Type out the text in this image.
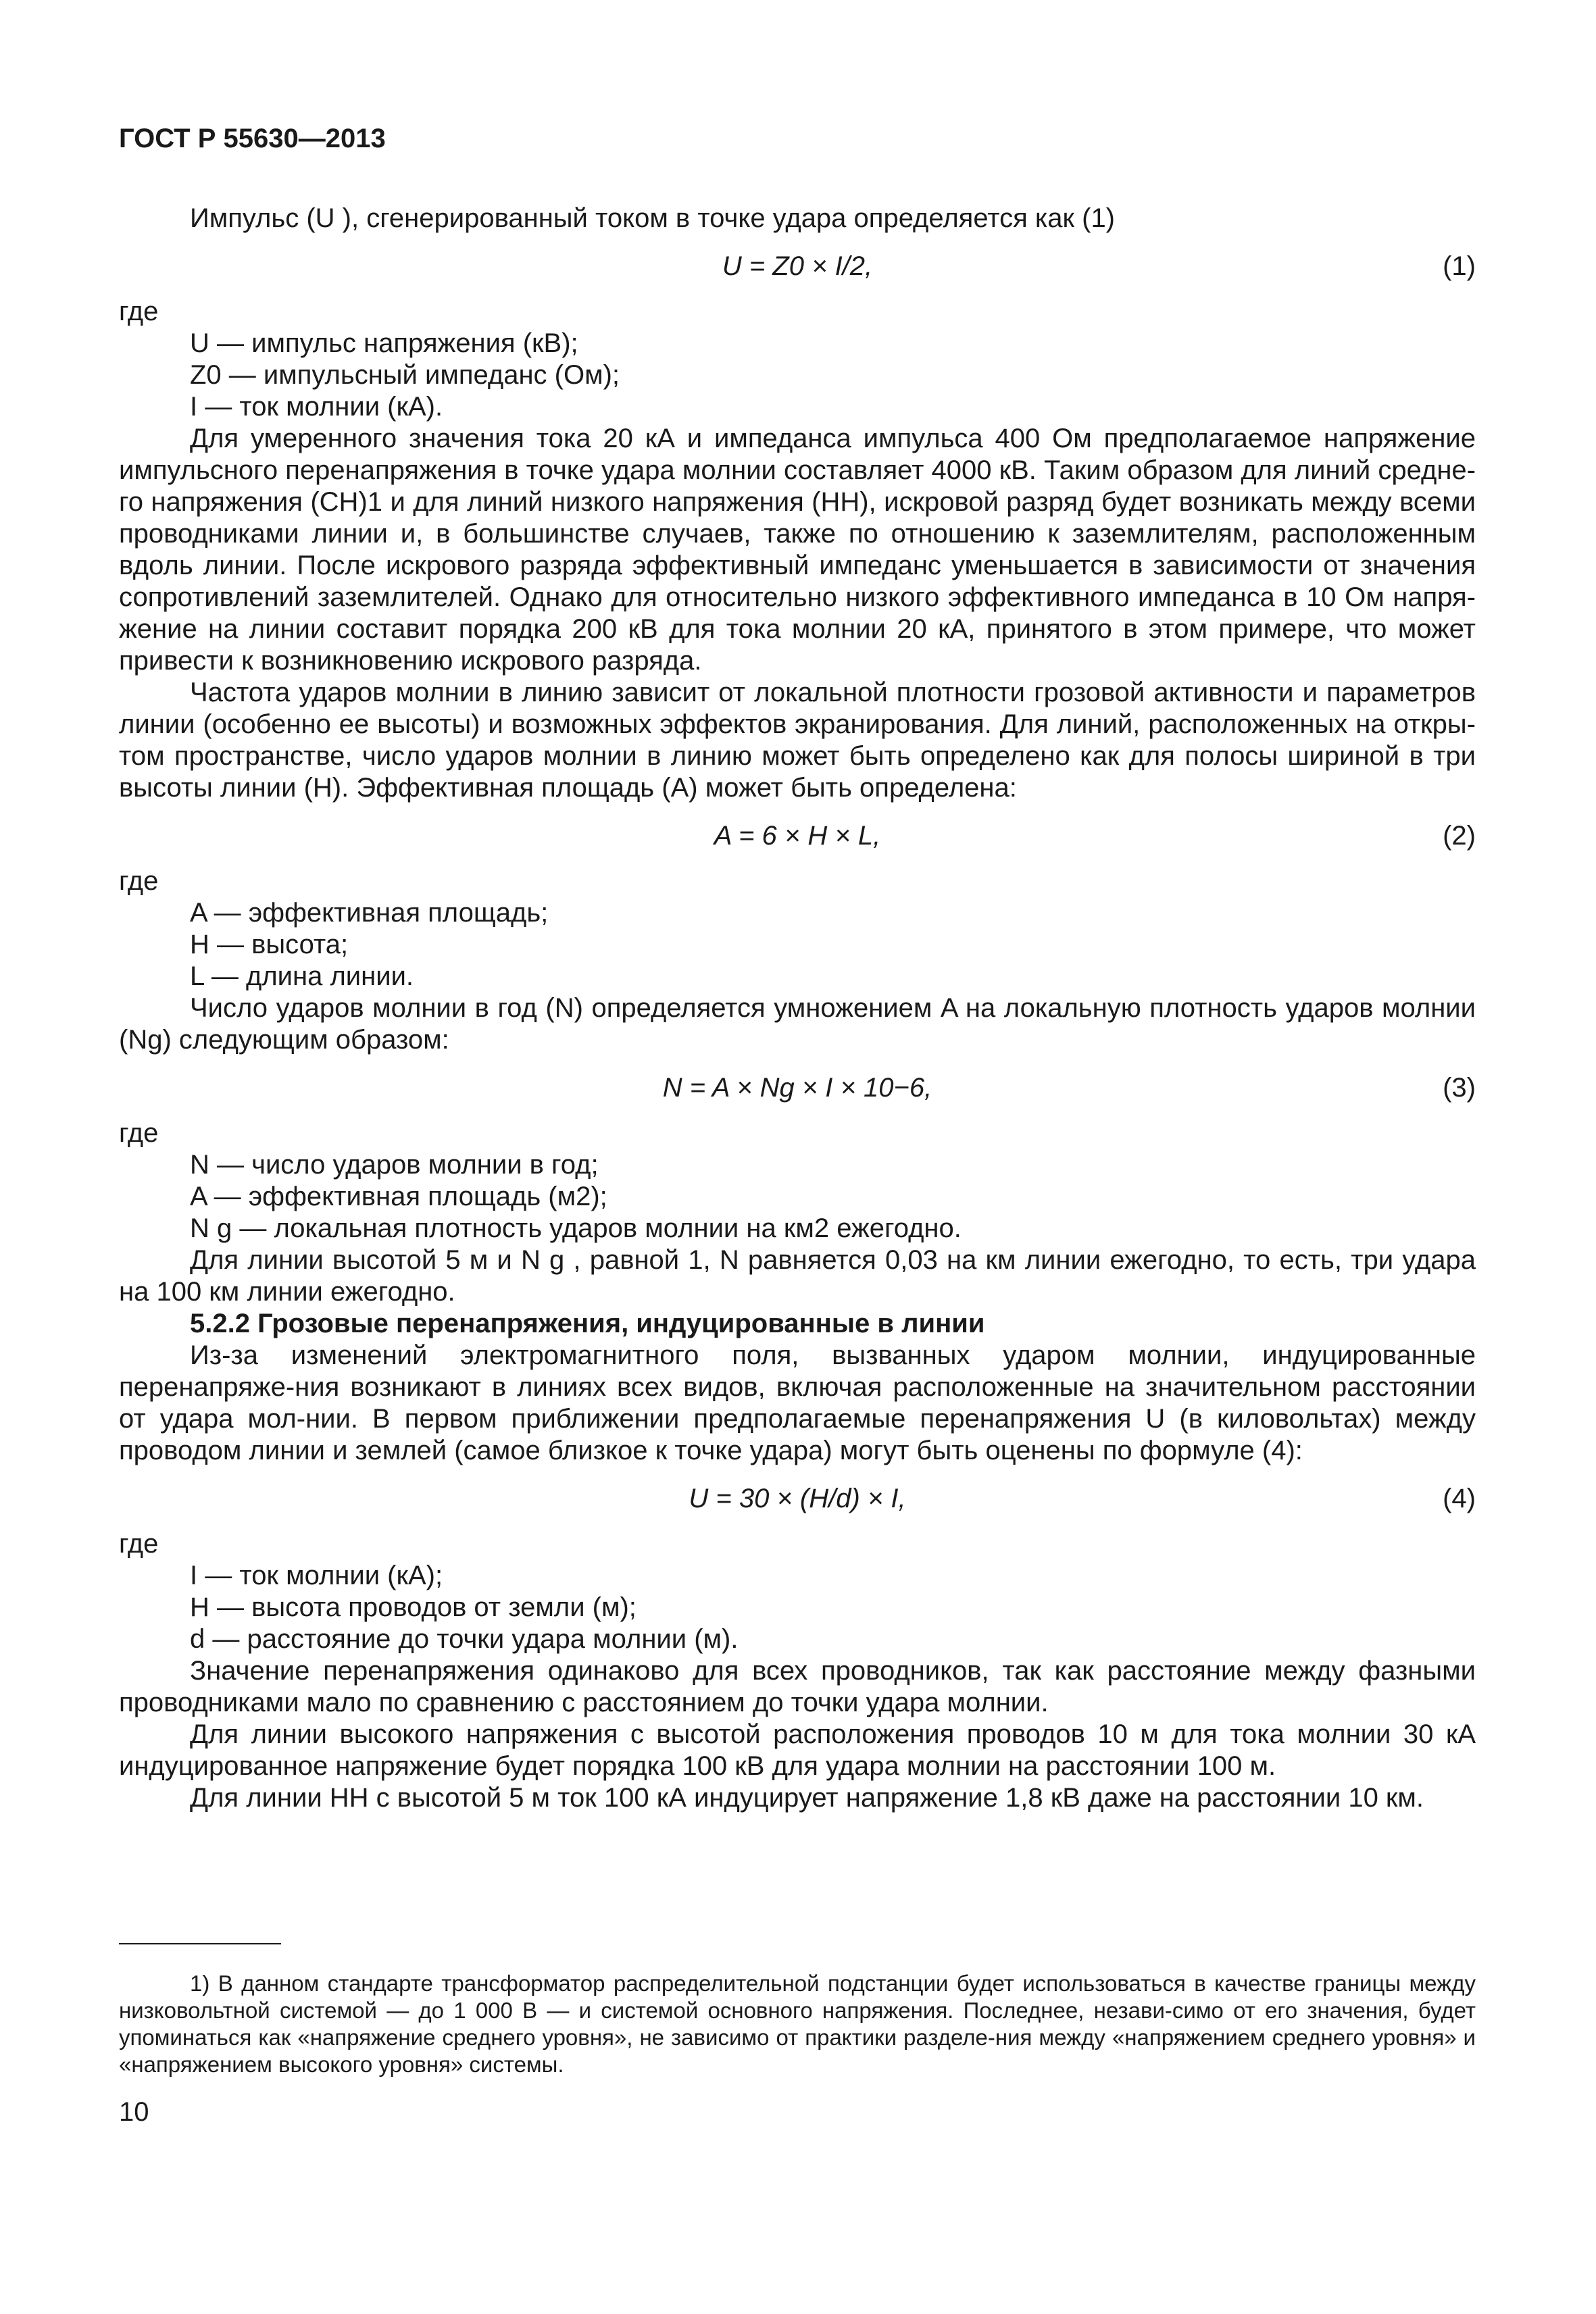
ГОСТ Р 55630—2013

Импульс (U ), сгенерированный током в точке удара определяется как (1)

U = Z0 × I/2,	(1)

где

U — импульс напряжения (кВ);

Z0 — импульсный импеданс (Ом);

I — ток молнии (кА).

Для умеренного значения тока 20 кА и импеданса импульса 400 Ом предполагаемое напряжение импульсного перенапряжения в точке удара молнии составляет 4000 кВ. Таким образом для линий средне-го напряжения (СН)1 и для линий низкого напряжения (НН), искровой разряд будет возникать между всеми проводниками линии и, в большинстве случаев, также по отношению к заземлителям, расположенным вдоль линии. После искрового разряда эффективный импеданс уменьшается в зависимости от значения сопротивлений заземлителей. Однако для относительно низкого эффективного импеданса в 10 Ом напря-жение на линии составит порядка 200 кВ для тока молнии 20 кА, принятого в этом примере, что может привести к возникновению искрового разряда.

Частота ударов молнии в линию зависит от локальной плотности грозовой активности и параметров линии (особенно ее высоты) и возможных эффектов экранирования. Для линий, расположенных на откры-том пространстве, число ударов молнии в линию может быть определено как для полосы шириной в три высоты линии (H). Эффективная площадь (A) может быть определена:

A = 6 × H × L,	(2)

где

A — эффективная площадь;

H — высота;

L — длина линии.

Число ударов молнии в год (N) определяется умножением A на локальную плотность ударов молнии (Ng) следующим образом:

N = A × Ng × I × 10−6,	(3)

где

N — число ударов молнии в год;

A — эффективная площадь (м2);

N g — локальная плотность ударов молнии на км2 ежегодно.

Для линии высотой 5 м и N g , равной 1, N равняется 0,03 на км линии ежегодно, то есть, три удара на 100 км линии ежегодно.

5.2.2 Грозовые перенапряжения, индуцированные в линии

Из-за изменений электромагнитного поля, вызванных ударом молнии, индуцированные перенапряже-ния возникают в линиях всех видов, включая расположенные на значительном расстоянии от удара мол-нии. В первом приближении предполагаемые перенапряжения U (в киловольтах) между проводом линии и землей (самое близкое к точке удара) могут быть оценены по формуле (4):

U = 30 × (H/d) × I,	(4)

где

I — ток молнии (кА);

H — высота проводов от земли (м);

d — расстояние до точки удара молнии (м).

Значение перенапряжения одинаково для всех проводников, так как расстояние между фазными проводниками мало по сравнению с расстоянием до точки удара молнии.

Для линии высокого напряжения с высотой расположения проводов 10 м для тока молнии 30 кА индуцированное напряжение будет порядка 100 кВ для удара молнии на расстоянии 100 м.

Для линии НН с высотой 5 м ток 100 кА индуцирует напряжение 1,8 кВ даже на расстоянии 10 км.

1) В данном стандарте трансформатор распределительной подстанции будет использоваться в качестве границы между низковольтной системой — до 1 000 В — и системой основного напряжения. Последнее, незави-симо от его значения, будет упоминаться как «напряжение среднего уровня», не зависимо от практики разделе-ния между «напряжением среднего уровня» и «напряжением высокого уровня» системы.

10
